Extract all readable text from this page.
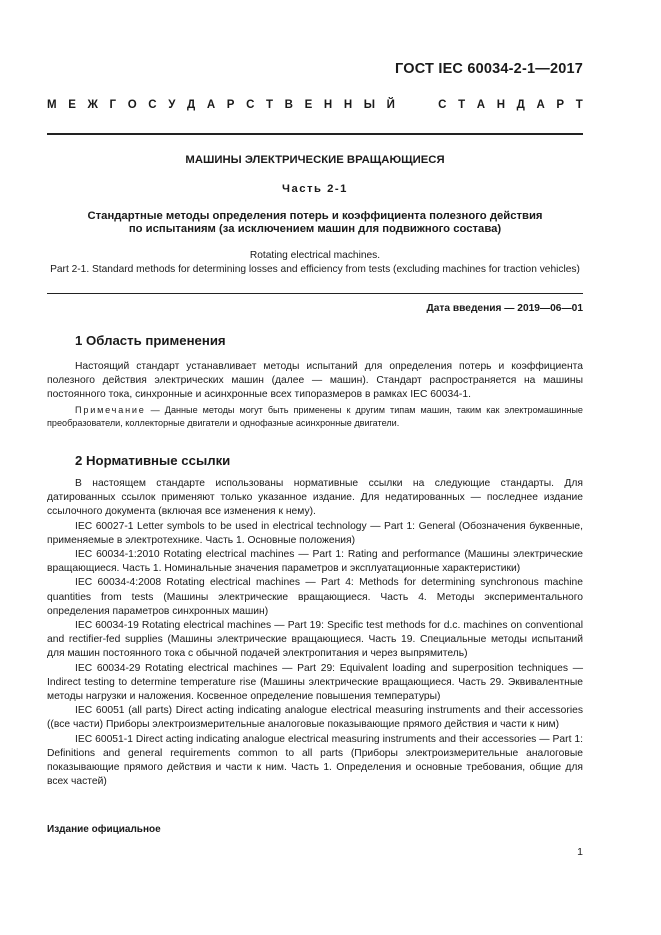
ГОСТ IEC 60034-2-1—2017
М Е Ж Г О С У Д А Р С Т В Е Н Н Ы Й	С Т А Н Д А Р Т
МАШИНЫ ЭЛЕКТРИЧЕСКИЕ ВРАЩАЮЩИЕСЯ
Часть 2-1
Стандартные методы определения потерь и коэффициента полезного действия
по испытаниям (за исключением машин для подвижного состава)
Rotating electrical machines.
Part 2-1. Standard methods for determining losses and efficiency from tests (excluding machines for traction vehicles)
Дата введения — 2019—06—01
1 Область применения

Настоящий стандарт устанавливает методы испытаний для определения потерь и коэффициента полезного действия электрических машин (далее — машин). Стандарт распространяется на машины постоянного тока, синхронные и асинхронные всех типоразмеров в рамках IEC 60034-1.

Примечание — Данные методы могут быть применены к другим типам машин, таким как электромашинные преобразователи, коллекторные двигатели и однофазные асинхронные двигатели.

2 Нормативные ссылки

В настоящем стандарте использованы нормативные ссылки на следующие стандарты. Для датированных ссылок применяют только указанное издание. Для недатированных — последнее издание ссылочного документа (включая все изменения к нему).

IEC 60027-1 Letter symbols to be used in electrical technology — Part 1: General (Обозначения буквенные, применяемые в электротехнике. Часть 1. Основные положения)

IEC 60034-1:2010 Rotating electrical machines — Part 1: Rating and performance (Машины электрические вращающиеся. Часть 1. Номинальные значения параметров и эксплуатационные характеристики)

IEC 60034-4:2008 Rotating electrical machines — Part 4: Methods for determining synchronous machine quantities from tests (Машины электрические вращающиеся. Часть 4. Методы экспериментального определения параметров синхронных машин)

IEC 60034-19 Rotating electrical machines — Part 19: Specific test methods for d.c. machines on conventional and rectifier-fed supplies (Машины электрические вращающиеся. Часть 19. Специальные методы испытаний для машин постоянного тока с обычной подачей электропитания и через выпрямитель)

IEC 60034-29 Rotating electrical machines — Part 29: Equivalent loading and superposition techniques — Indirect testing to determine temperature rise (Машины электрические вращающиеся. Часть 29. Эквивалентные методы нагрузки и наложения. Косвенное определение повышения температуры)

IEC 60051 (all parts) Direct acting indicating analogue electrical measuring instruments and their accessories ((все части) Приборы электроизмерительные аналоговые показывающие прямого действия и части к ним)

IEC 60051-1 Direct acting indicating analogue electrical measuring instruments and their accessories — Part 1: Definitions and general requirements common to all parts (Приборы электроизмерительные аналоговые показывающие прямого действия и части к ним. Часть 1. Определения и основные требования, общие для всех частей)

Издание официальное
1
